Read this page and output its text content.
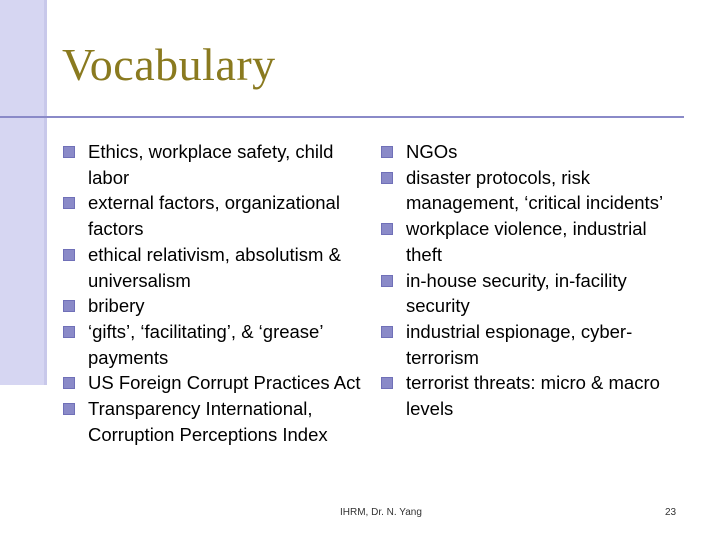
Vocabulary
Ethics, workplace safety, child labor
external factors, organizational factors
ethical relativism, absolutism & universalism
bribery
‘gifts’, ‘facilitating’, & ‘grease’ payments
US Foreign Corrupt Practices Act
Transparency International, Corruption Perceptions Index
NGOs
disaster protocols, risk management, ‘critical incidents’
workplace violence, industrial theft
in-house security, in-facility security
industrial espionage, cyber-terrorism
terrorist threats: micro & macro levels
IHRM, Dr. N. Yang	23
